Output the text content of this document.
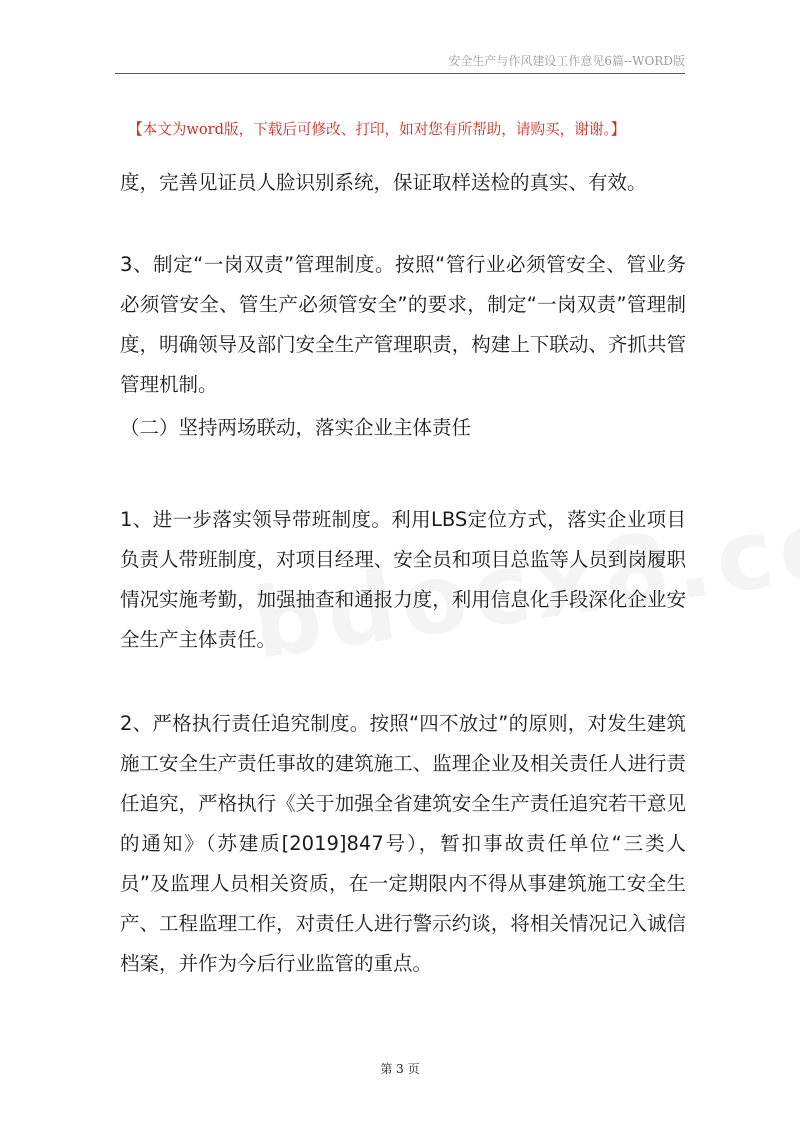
安全生产与作风建设工作意见6篇--WORD版
【本文为word版，下载后可修改、打印，如对您有所帮助，请购买，谢谢。】

度，完善见证员人脸识别系统，保证取样送检的真实、有效。

3、制定“一岗双责”管理制度。按照“管行业必须管安全、管业务必须管安全、管生产必须管安全”的要求，制定“一岗双责”管理制度，明确领导及部门安全生产管理职责，构建上下联动、齐抓共管管理机制。

（二）坚持两场联动，落实企业主体责任

1、进一步落实领导带班制度。利用LBS定位方式，落实企业项目负责人带班制度，对项目经理、安全员和项目总监等人员到岗履职情况实施考勤，加强抽查和通报力度，利用信息化手段深化企业安全生产主体责任。

2、严格执行责任追究制度。按照“四不放过”的原则，对发生建筑施工安全生产责任事故的建筑施工、监理企业及相关责任人进行责任追究，严格执行《关于加强全省建筑安全生产责任追究若干意见的通知》（苏建质[2019]847号），暂扣事故责任单位“三类人员”及监理人员相关资质，在一定期限内不得从事建筑施工安全生产、工程监理工作，对责任人进行警示约谈，将相关情况记入诚信档案，并作为今后行业监管的重点。

第 3 页
